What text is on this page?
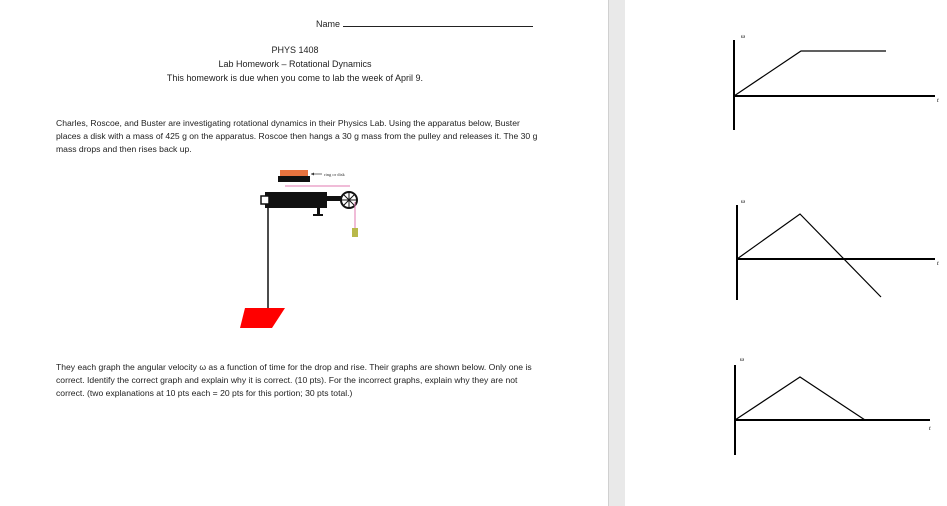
Name
PHYS 1408
Lab Homework – Rotational Dynamics
This homework is due when you come to lab the week of April 9.
Charles, Roscoe, and Buster are investigating rotational dynamics in their Physics Lab. Using the apparatus below, Buster places a disk with a mass of 425 g on the apparatus. Roscoe then hangs a 30 g mass from the pulley and releases it. The 30 g mass drops and then rises back up.
ring or disk
They each graph the angular velocity ω as a function of time for the drop and rise. Their graphs are shown below. Only one is correct. Identify the correct graph and explain why it is correct. (10 pts). For the incorrect graphs, explain why they are not correct. (two explanations at 10 pts each = 20 pts for this portion; 30 pts total.)
ω
t
ω
t
ω
t
